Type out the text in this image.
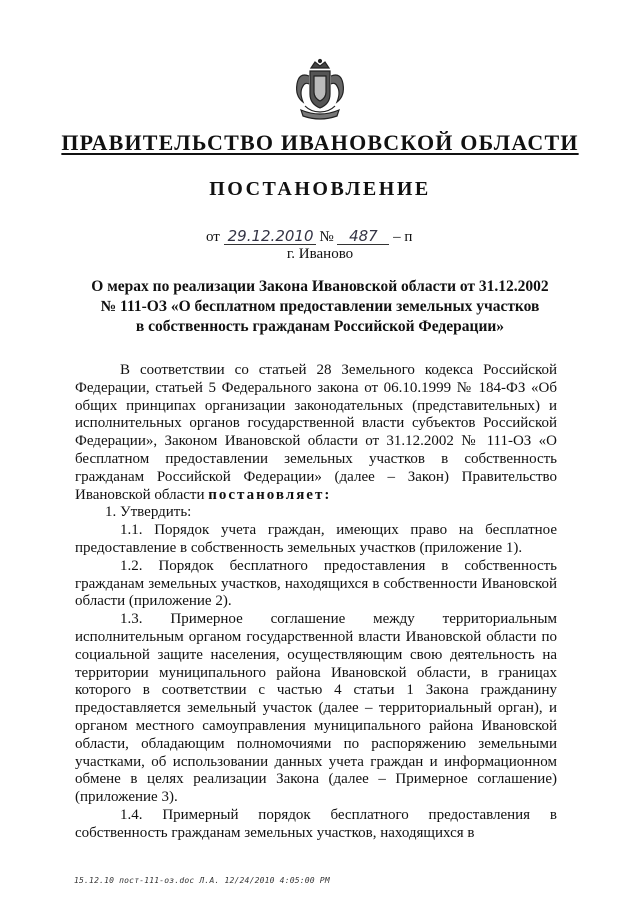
ПРАВИТЕЛЬСТВО ИВАНОВСКОЙ ОБЛАСТИ
ПОСТАНОВЛЕНИЕ
от 29.12.2010 № 487 – п
г. Иваново
О мерах по реализации Закона Ивановской области от 31.12.2002
№ 111-ОЗ «О бесплатном предоставлении земельных участков
в собственность гражданам Российской Федерации»

В соответствии со статьей 28 Земельного кодекса Российской Федерации, статьей 5 Федерального закона от 06.10.1999 № 184-ФЗ «Об общих принципах организации законодательных (представительных) и исполнительных органов государственной власти субъектов Российской Федерации», Законом Ивановской области от 31.12.2002 № 111-ОЗ «О бесплатном предоставлении земельных участков в собственность гражданам Российской Федерации» (далее – Закон) Правительство Ивановской области постановляет:

1. Утвердить:

1.1. Порядок учета граждан, имеющих право на бесплатное предоставление в собственность земельных участков (приложение 1).

1.2. Порядок бесплатного предоставления в собственность гражданам земельных участков, находящихся в собственности Ивановской области (приложение 2).

1.3. Примерное соглашение между территориальным исполнительным органом государственной власти Ивановской области по социальной защите населения, осуществляющим свою деятельность на территории муниципального района Ивановской области, в границах которого в соответствии с частью 4 статьи 1 Закона гражданину предоставляется земельный участок (далее – территориальный орган), и органом местного самоуправления муниципального района Ивановской области, обладающим полномочиями по распоряжению земельными участками, об использовании данных учета граждан и информационном обмене в целях реализации Закона (далее – Примерное соглашение) (приложение 3).

1.4. Примерный порядок бесплатного предоставления в собственность гражданам земельных участков, находящихся в

15.12.10 пост-111-оз.doc Л.А. 12/24/2010 4:05:00 PM
